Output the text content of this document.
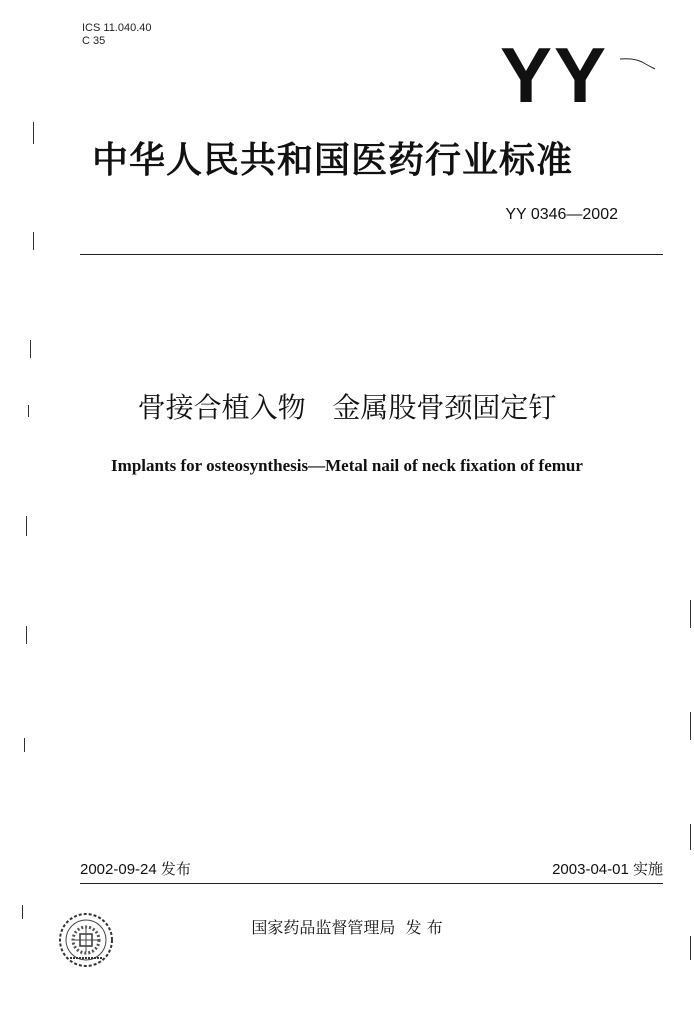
ICS 11.040.40
C 35	YY
中华人民共和国医药行业标准
YY 0346—2002
骨接合植入物   金属股骨颈固定钉
Implants for osteosynthesis—Metal nail of neck fixation of femur
2002-09-24 发布	2003-04-01 实施
国家药品监督管理局  发 布
